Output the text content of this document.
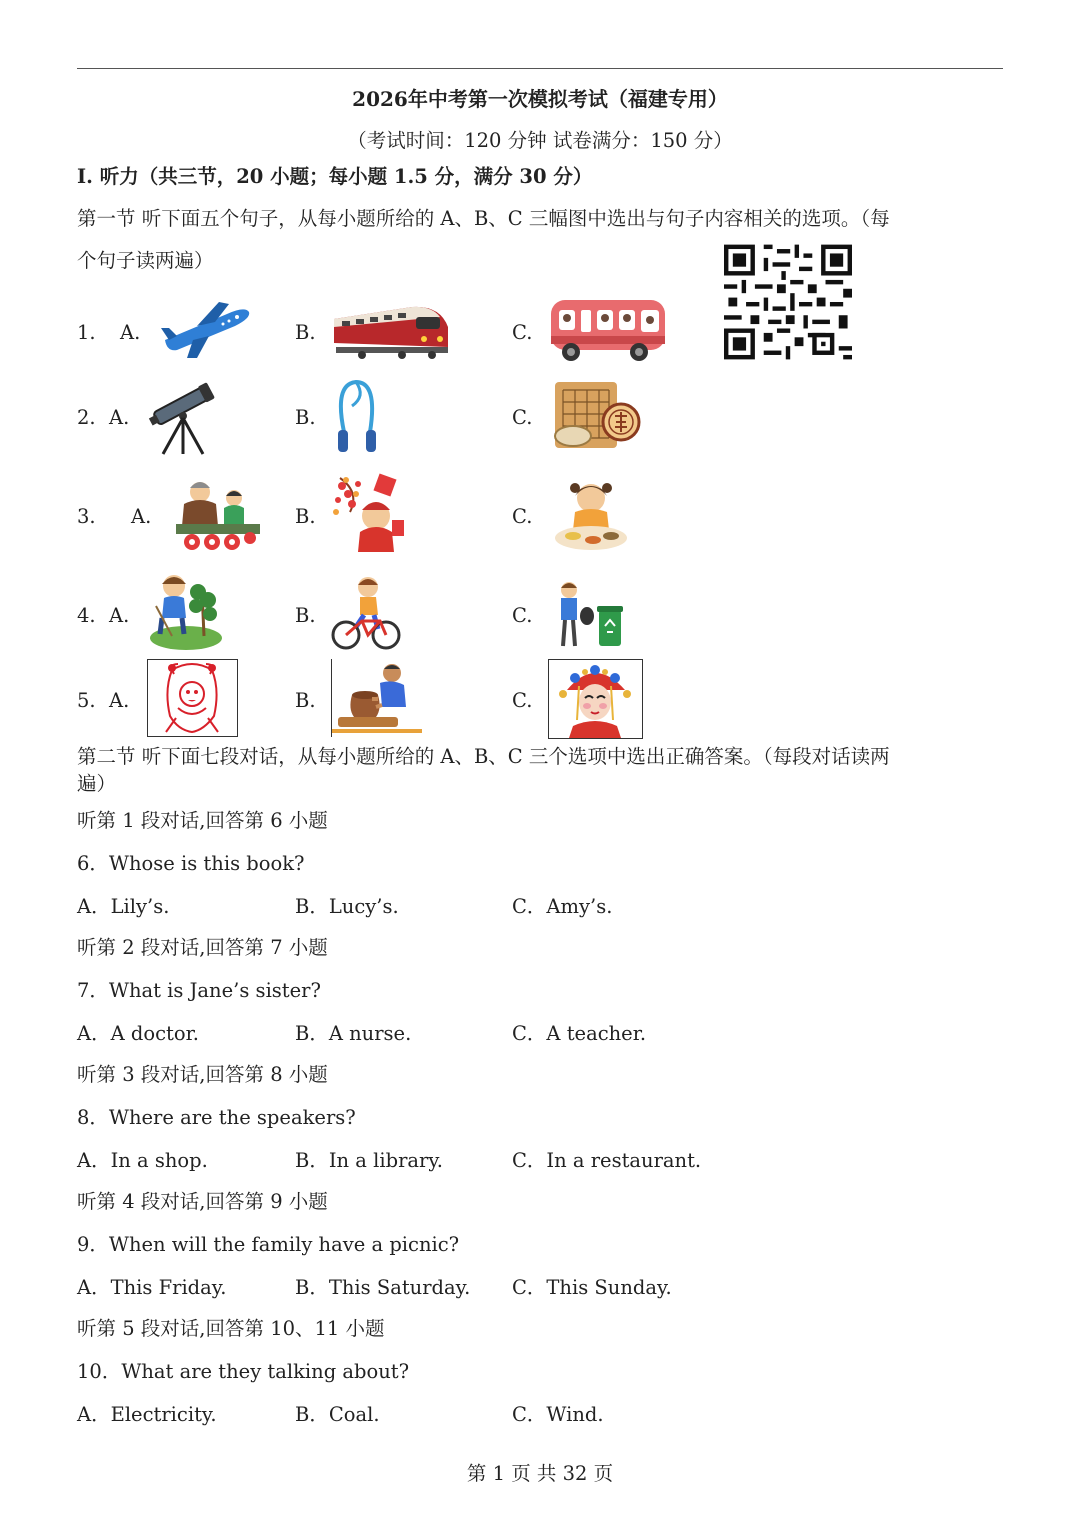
2026年中考第一次模拟考试（福建专用）
（考试时间：120 分钟 试卷满分：150 分）
I. 听力（共三节，20 小题；每小题 1.5 分，满分 30 分）
第一节 听下面五个句子，从每小题所给的 A、B、C 三幅图中选出与句子内容相关的选项。（每
个句子读两遍）
1. A.	B.	C.
2. A.	B.	C.
3. A.	B.	C.
4. A.	B.	C.
5. A.	B.	C.
第二节 听下面七段对话，从每小题所给的 A、B、C 三个选项中选出正确答案。（每段对话读两
遍）
听第 1 段对话,回答第 6 小题
6．Whose is this book?
A．Lily’s.	B．Lucy’s.	C．Amy’s.
听第 2 段对话,回答第 7 小题
7．What is Jane’s sister?
A．A doctor.	B．A nurse.	C．A teacher.
听第 3 段对话,回答第 8 小题
8．Where are the speakers?
A．In a shop.	B．In a library.	C．In a restaurant.
听第 4 段对话,回答第 9 小题
9．When will the family have a picnic?
A．This Friday.	B．This Saturday. C．This Sunday.
听第 5 段对话,回答第 10、11 小题
10．What are they talking about?
A．Electricity.	B．Coal.	C．Wind.
第 1 页 共 32 页
